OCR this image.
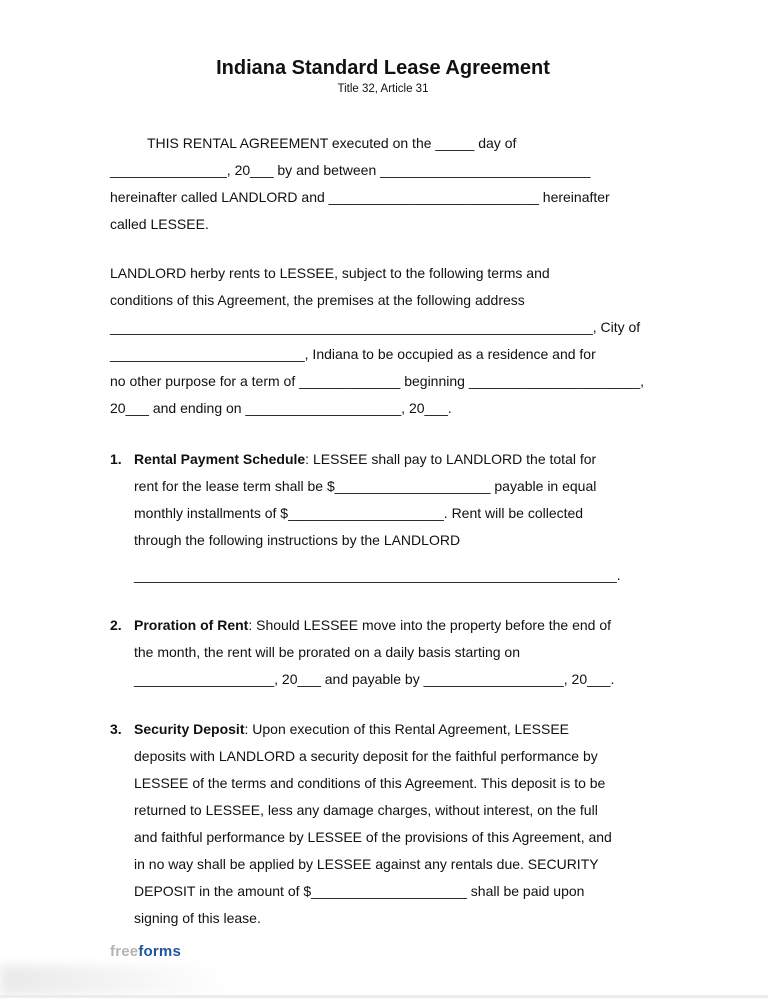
Indiana Standard Lease Agreement
Title 32, Article 31
THIS RENTAL AGREEMENT executed on the _____ day of
_______________, 20___ by and between ___________________________
hereinafter called LANDLORD and ___________________________ hereinafter
called LESSEE.
LANDLORD herby rents to LESSEE, subject to the following terms and
conditions of this Agreement, the premises at the following address
______________________________________________________________, City of
_________________________, Indiana to be occupied as a residence and for
no other purpose for a term of _____________ beginning ______________________,
20___ and ending on ____________________, 20___.
1. Rental Payment Schedule: LESSEE shall pay to LANDLORD the total for
rent for the lease term shall be $____________________ payable in equal
monthly installments of $____________________. Rent will be collected
through the following instructions by the LANDLORD
______________________________________________________________.
2. Proration of Rent: Should LESSEE move into the property before the end of
the month, the rent will be prorated on a daily basis starting on
__________________, 20___ and payable by __________________, 20___.
3. Security Deposit: Upon execution of this Rental Agreement, LESSEE
deposits with LANDLORD a security deposit for the faithful performance by
LESSEE of the terms and conditions of this Agreement. This deposit is to be
returned to LESSEE, less any damage charges, without interest, on the full
and faithful performance by LESSEE of the provisions of this Agreement, and
in no way shall be applied by LESSEE against any rentals due. SECURITY
DEPOSIT in the amount of $____________________ shall be paid upon
signing of this lease.
freeforms
